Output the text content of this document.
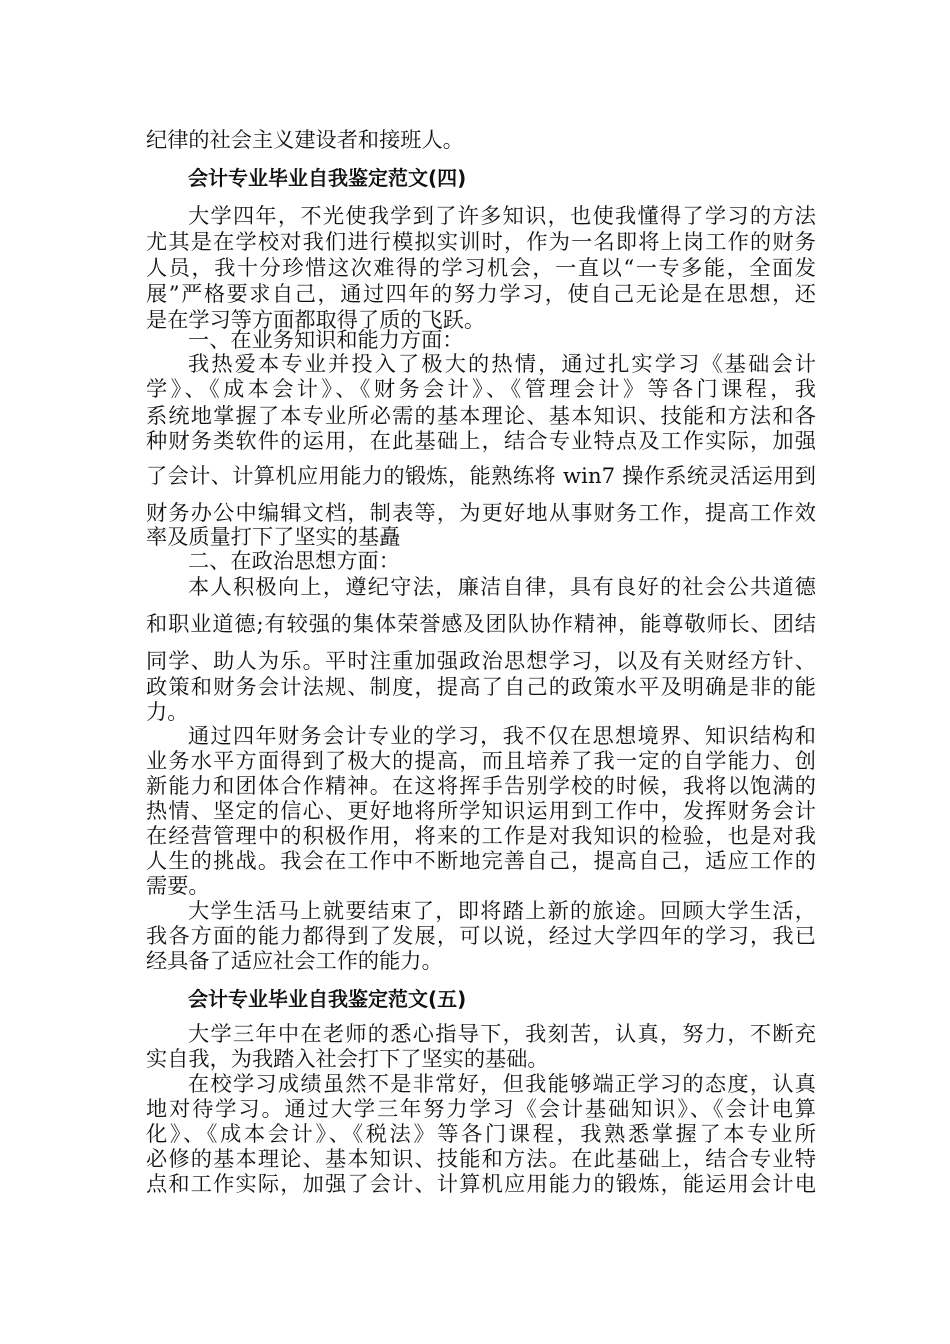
纪律的社会主义建设者和接班人。
会计专业毕业自我鉴定范文(四)
大学四年，不光使我学到了许多知识，也使我懂得了学习的方法
尤其是在学校对我们进行模拟实训时，作为一名即将上岗工作的财务
人员，我十分珍惜这次难得的学习机会，一直以“一专多能，全面发
展”严格要求自己，通过四年的努力学习，使自己无论是在思想，还
是在学习等方面都取得了质的飞跃。
一、在业务知识和能力方面：
我热爱本专业并投入了极大的热情，通过扎实学习《基础会计
学》、《成本会计》、《财务会计》、《管理会计》等各门课程，我
系统地掌握了本专业所必需的基本理论、基本知识、技能和方法和各
种财务类软件的运用，在此基础上，结合专业特点及工作实际，加强
了会计、计算机应用能力的锻炼，能熟练将 win7 操作系统灵活运用到
财务办公中编辑文档，制表等，为更好地从事财务工作，提高工作效
率及质量打下了坚实的基矗
二、在政治思想方面：
本人积极向上，遵纪守法，廉洁自律，具有良好的社会公共道德
和职业道德;有较强的集体荣誉感及团队协作精神，能尊敬师长、团结
同学、助人为乐。平时注重加强政治思想学习，以及有关财经方针、
政策和财务会计法规、制度，提高了自己的政策水平及明确是非的能
力。
通过四年财务会计专业的学习，我不仅在思想境界、知识结构和
业务水平方面得到了极大的提高，而且培养了我一定的自学能力、创
新能力和团体合作精神。在这将挥手告别学校的时候，我将以饱满的
热情、坚定的信心、更好地将所学知识运用到工作中，发挥财务会计
在经营管理中的积极作用，将来的工作是对我知识的检验，也是对我
人生的挑战。我会在工作中不断地完善自己，提高自己，适应工作的
需要。
大学生活马上就要结束了，即将踏上新的旅途。回顾大学生活，
我各方面的能力都得到了发展，可以说，经过大学四年的学习，我已
经具备了适应社会工作的能力。
会计专业毕业自我鉴定范文(五)
大学三年中在老师的悉心指导下，我刻苦，认真，努力，不断充
实自我，为我踏入社会打下了坚实的基础。
在校学习成绩虽然不是非常好，但我能够端正学习的态度，认真
地对待学习。通过大学三年努力学习《会计基础知识》、《会计电算
化》、《成本会计》、《税法》等各门课程，我熟悉掌握了本专业所
必修的基本理论、基本知识、技能和方法。在此基础上，结合专业特
点和工作实际，加强了会计、计算机应用能力的锻炼，能运用会计电
